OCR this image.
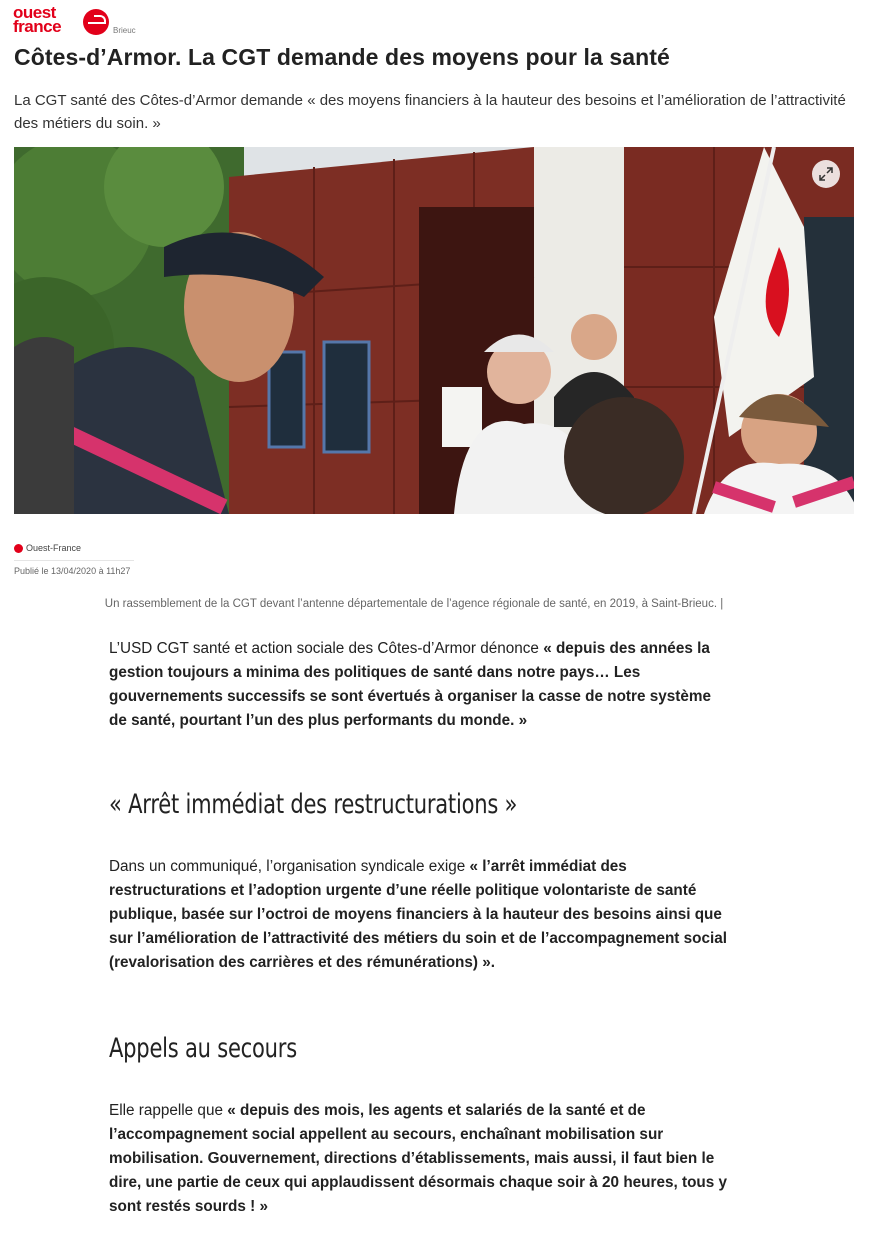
ouest
france	Brieuc
Côtes-d’Armor. La CGT demande des moyens pour la santé

La CGT santé des Côtes-d’Armor demande « des moyens financiers à la hauteur des besoins et l’amélioration de l’attractivité des métiers du soin. »

Ouest-France
Publié le 13/04/2020 à 11h27
Un rassemblement de la CGT devant l’antenne départementale de l’agence régionale de santé, en 2019, à Saint-Brieuc. |

L’USD CGT santé et action sociale des Côtes-d’Armor dénonce « depuis des années la gestion toujours a minima des politiques de santé dans notre pays… Les gouvernements successifs se sont évertués à organiser la casse de notre système de santé, pourtant l’un des plus performants du monde. »

« Arrêt immédiat des restructurations »

Dans un communiqué, l’organisation syndicale exige « l’arrêt immédiat des restructurations et l’adoption urgente d’une réelle politique volontariste de santé publique, basée sur l’octroi de moyens financiers à la hauteur des besoins ainsi que sur l’amélioration de l’attractivité des métiers du soin et de l’accompagnement social (revalorisation des carrières et des rémunérations) ».

Appels au secours

Elle rappelle que « depuis des mois, les agents et salariés de la santé et de l’accompagnement social appellent au secours, enchaînant mobilisation sur mobilisation. Gouvernement, directions d’établissements, mais aussi, il faut bien le dire, une partie de ceux qui applaudissent désormais chaque soir à 20 heures, tous y sont restés sourds ! »
